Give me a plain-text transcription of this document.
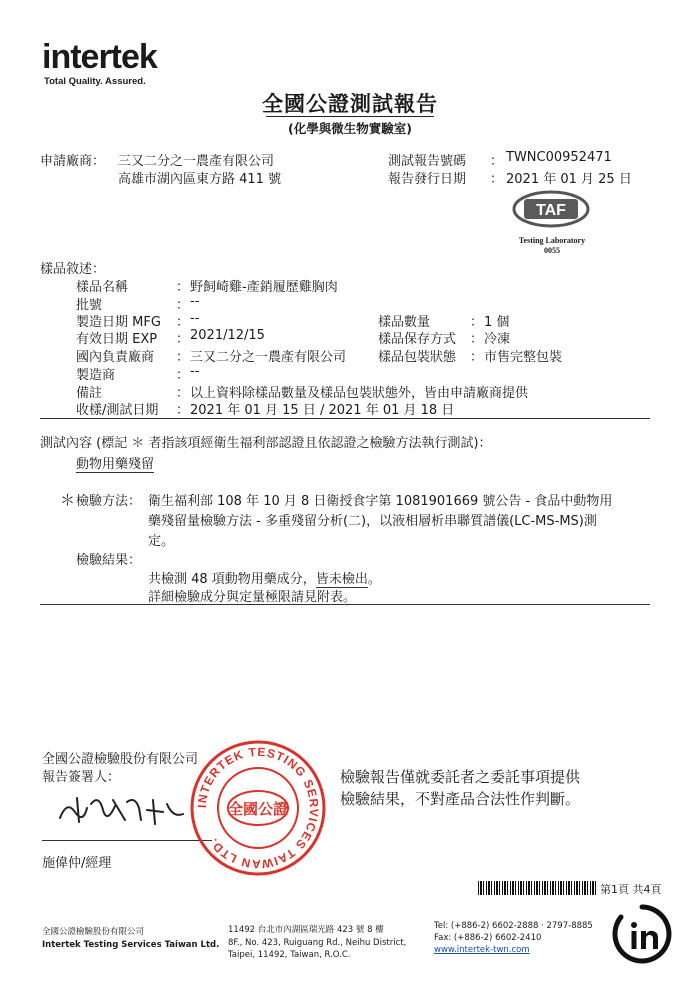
intertek
Total Quality. Assured.
全國公證測試報告
(化學與微生物實驗室)
申請廠商： 三又二分之一農產有限公司
高雄市湖內區東方路 411 號
測試報告號碼 ： TWNC00952471
報告發行日期 ： 2021 年 01 月 25 日
TAF
Testing Laboratory
0055
樣品敘述：
樣品名稱	： 野飼崎雞-產銷履歷雞胸肉
批號	： --
製造日期 MFG ： --
有效日期 EXP ： 2021/12/15
國內負責廠商 ： 三又二分之一農產有限公司
製造商	： --
備註	： 以上資料除樣品數量及樣品包裝狀態外，皆由申請廠商提供
收樣/測試日期 ： 2021 年 01 月 15 日 / 2021 年 01 月 18 日
樣品數量	： 1 個
樣品保存方式 ： 冷凍
樣品包裝狀態 ： 市售完整包裝
測試內容 (標記 ＊ 者指該項經衛生福利部認證且依認證之檢驗方法執行測試)：
動物用藥殘留
＊ 檢驗方法： 衛生福利部 108 年 10 月 8 日衛授食字第 1081901669 號公告 - 食品中動物用
藥殘留量檢驗方法 - 多重殘留分析(二)，以液相層析串聯質譜儀(LC-MS-MS)測
定。
檢驗結果：
共檢測 48 項動物用藥成分，皆未檢出。
詳細檢驗成分與定量極限請見附表。
全國公證檢驗股份有限公司
報告簽署人：
施偉仲
施偉仲/經理
INTERTEK TESTING SERVICES TAIWAN LTD.
全國公證
檢驗報告僅就委託者之委託事項提供
檢驗結果，不對產品合法性作判斷。
第1頁 共4頁
全國公證檢驗股份有限公司
Intertek Testing Services Taiwan Ltd.
11492 台北市內湖區瑞光路 423 號 8 樓
8F., No. 423, Ruiguang Rd., Neihu District,
Taipei, 11492, Taiwan, R.O.C.
Tel: (+886-2) 6602-2888 · 2797-8885
Fax: (+886-2) 6602-2410
www.intertek-twn.com
